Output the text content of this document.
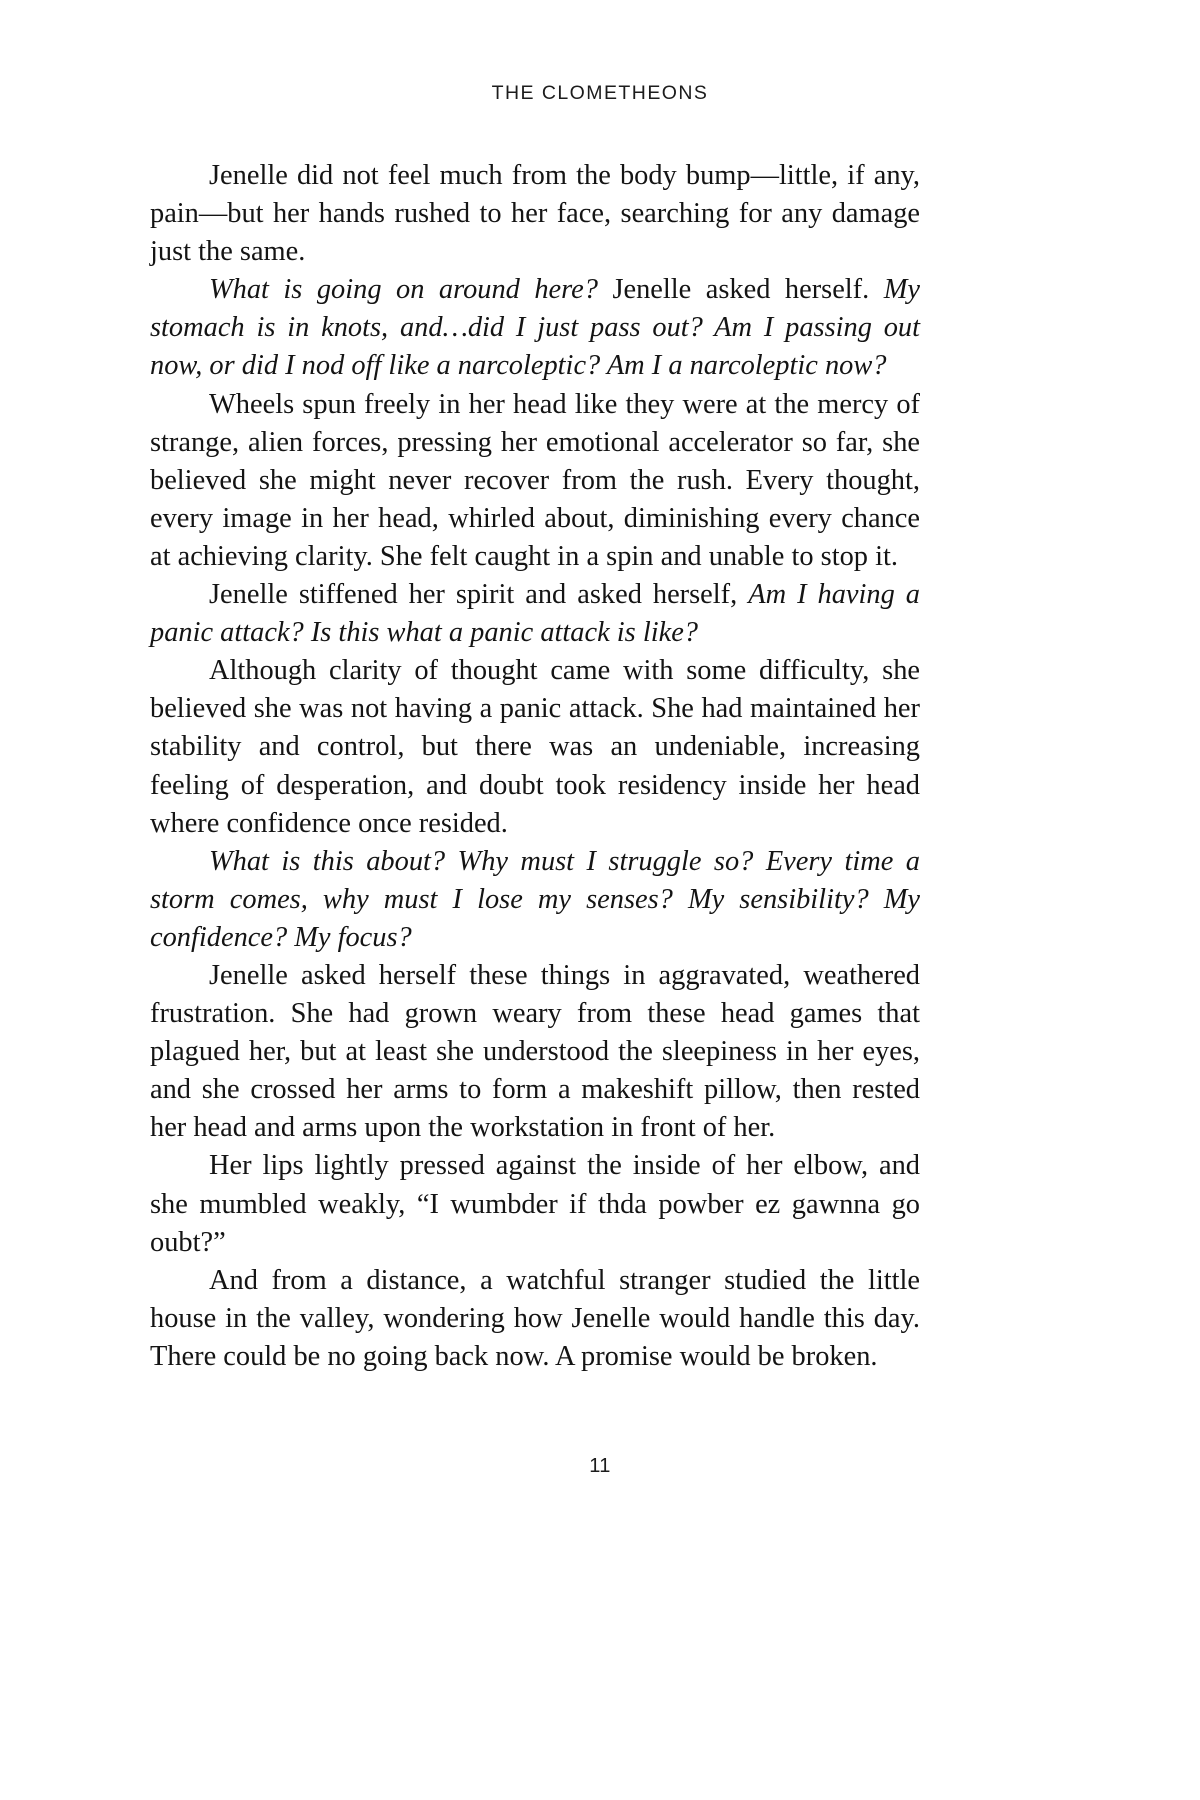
THE CLOMETHEONS

Jenelle did not feel much from the body bump—little, if any, pain—but her hands rushed to her face, searching for any damage just the same.

What is going on around here? Jenelle asked herself. My stomach is in knots, and…did I just pass out? Am I passing out now, or did I nod off like a narcoleptic? Am I a narcoleptic now?

Wheels spun freely in her head like they were at the mercy of strange, alien forces, pressing her emotional accelerator so far, she believed she might never recover from the rush. Every thought, every image in her head, whirled about, diminishing every chance at achieving clarity. She felt caught in a spin and unable to stop it.

Jenelle stiffened her spirit and asked herself, Am I having a panic attack? Is this what a panic attack is like?

Although clarity of thought came with some difficulty, she believed she was not having a panic attack. She had maintained her stability and control, but there was an undeniable, increasing feeling of desperation, and doubt took residency inside her head where confidence once resided.

What is this about? Why must I struggle so? Every time a storm comes, why must I lose my senses? My sensibility? My confidence? My focus?

Jenelle asked herself these things in aggravated, weathered frustration. She had grown weary from these head games that plagued her, but at least she understood the sleepiness in her eyes, and she crossed her arms to form a makeshift pillow, then rested her head and arms upon the workstation in front of her.

Her lips lightly pressed against the inside of her elbow, and she mumbled weakly, “I wumbder if thda powber ez gawnna go oubt?”

And from a distance, a watchful stranger studied the little house in the valley, wondering how Jenelle would handle this day. There could be no going back now. A promise would be broken.

11
